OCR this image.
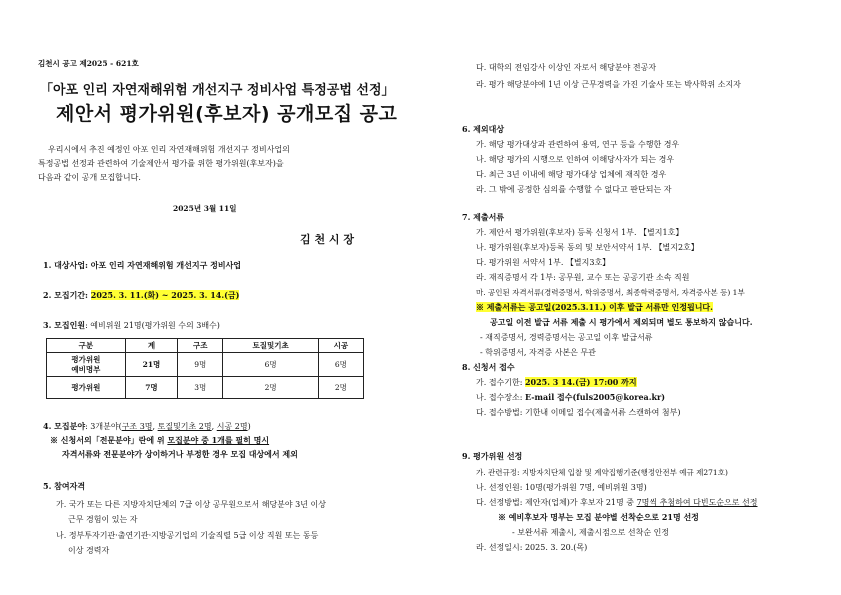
김천시 공고 제2025 - 621호
「아포 인리 자연재해위험 개선지구 정비사업 특정공법 선정」
제안서 평가위원(후보자) 공개모집 공고
우리시에서 추진 예정인 아포 인리 자연재해위험 개선지구 정비사업의
특정공법 선정과 관련하여 기술제안서 평가를 위한 평가위원(후보자)을
다음과 같이 공개 모집합니다.
2025년 3월 11일
김 천 시 장
1. 대상사업: 아포 인리 자연재해위험 개선지구 정비사업
2. 모집기간: 2025. 3. 11.(화) ~ 2025. 3. 14.(금)
3. 모집인원: 예비위원 21명(평가위원 수의 3배수)
구분	계	구조	토질및기초	시공
평가위원
예비명부	21명	9명	6명	6명
평가위원	7명	3명	2명	2명
4. 모집분야: 3개분야(구조 3명, 토질및기초 2명, 시공 2명)
※ 신청서의「전문분야」란에 위 모집분야 중 1개를 필히 명시
자격서류와 전문분야가 상이하거나 부정한 경우 모집 대상에서 제외
5. 참여자격
가. 국가 또는 다른 지방자치단체의 7급 이상 공무원으로서 해당분야 3년 이상
근무 경험이 있는 자
나. 정부투자기관·출연기관·지방공기업의 기술직렬 5급 이상 직원 또는 동등
이상 경력자
다. 대학의 전임강사 이상인 자로서 해당분야 전공자
라. 평가 해당분야에 1년 이상 근무경력을 가진 기술사 또는 박사학위 소지자
6. 제외대상
가. 해당 평가대상과 관련하여 용역, 연구 등을 수행한 경우
나. 해당 평가의 시행으로 인하여 이해당사자가 되는 경우
다. 최근 3년 이내에 해당 평가대상 업체에 재직한 경우
라. 그 밖에 공정한 심의를 수행할 수 없다고 판단되는 자
7. 제출서류
가. 제안서 평가위원(후보자) 등록 신청서 1부. 【별지1호】
나. 평가위원(후보자)등록 동의 및 보안서약서 1부. 【별지2호】
다. 평가위원 서약서 1부. 【별지3호】
라. 재직증명서 각 1부: 공무원, 교수 또는 공공기관 소속 직원
마. 공인된 자격서류(경력증명서, 학위증명서, 최종학력증명서, 자격증사본 등) 1부
※ 제출서류는 공고일(2025.3.11.) 이후 발급 서류만 인정됩니다.
공고일 이전 발급 서류 제출 시 평가에서 제외되며 별도 통보하지 않습니다.
- 재직증명서, 경력증명서는 공고일 이후 발급서류
- 학위증명서, 자격증 사본은 무관
8. 신청서 접수
가. 접수기한: 2025. 3 14.(금) 17:00 까지
나. 접수장소: E-mail 접수(fuls2005@korea.kr)
다. 접수방법: 기한내 이메일 접수(제출서류 스캔하여 첨부)
9. 평가위원 선정
가. 관련규정: 지방자치단체 입찰 및 계약집행기준(행정안전부 예규 제271호)
나. 선정인원: 10명(평가위원 7명, 예비위원 3명)
다. 선정방법: 제안자(업체)가 후보자 21명 중 7명씩 추첨하여 다빈도순으로 선정
※ 예비후보자 명부는 모집 분야별 선착순으로 21명 선정
- 보완서류 제출시, 제출시점으로 선착순 인정
라. 선정일시: 2025. 3. 20.(목)
